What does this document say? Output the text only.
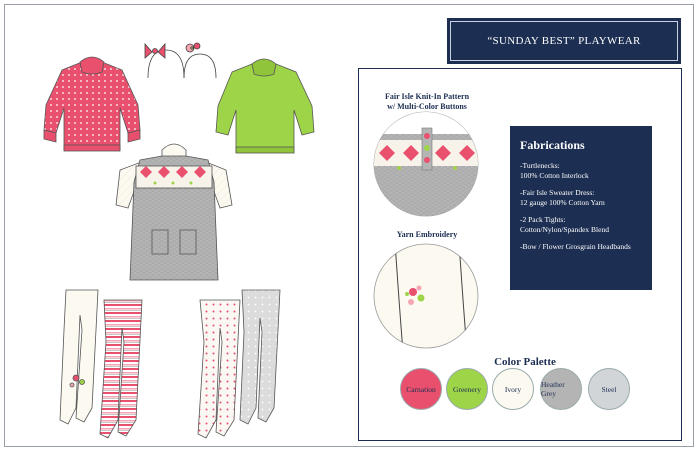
“SUNDAY BEST” PLAYWEAR
Fair Isle Knit-In Pattern
w/ Multi-Color Buttons
Yarn Embroidery
Fabrications

-Turtlenecks:
100% Cotton Interlock

-Fair Isle Sweater Dress:
12 gauge 100% Cotton Yarn

-2 Pack Tights:
Cotton/Nylon/Spandex Blend

-Bow / Flower Grosgrain Headbands

Color Palette
Carnation Greenery	Ivory	Heather Grey	Steel
